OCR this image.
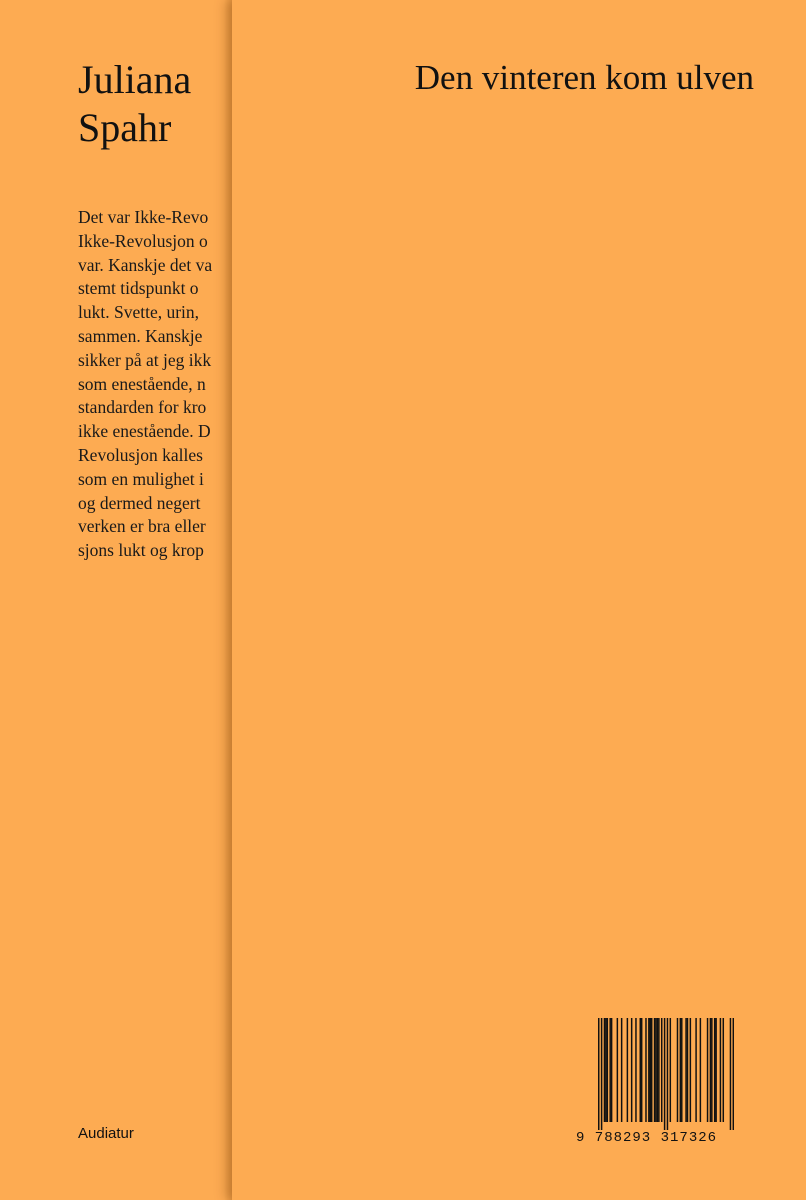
Juliana
Spahr
Det var Ikke-Revo
Ikke-Revolusjon o
var. Kanskje det va
stemt tidspunkt o
lukt. Svette, urin,
sammen. Kanskje
sikker på at jeg ikk
som enestående, n
standarden for kro
ikke enestående. D
Revolusjon kalles
som en mulighet i
og dermed negert
verken er bra eller
sjons lukt og krop
Audiatur
Den vinteren kom ulven
9 788293 317326
